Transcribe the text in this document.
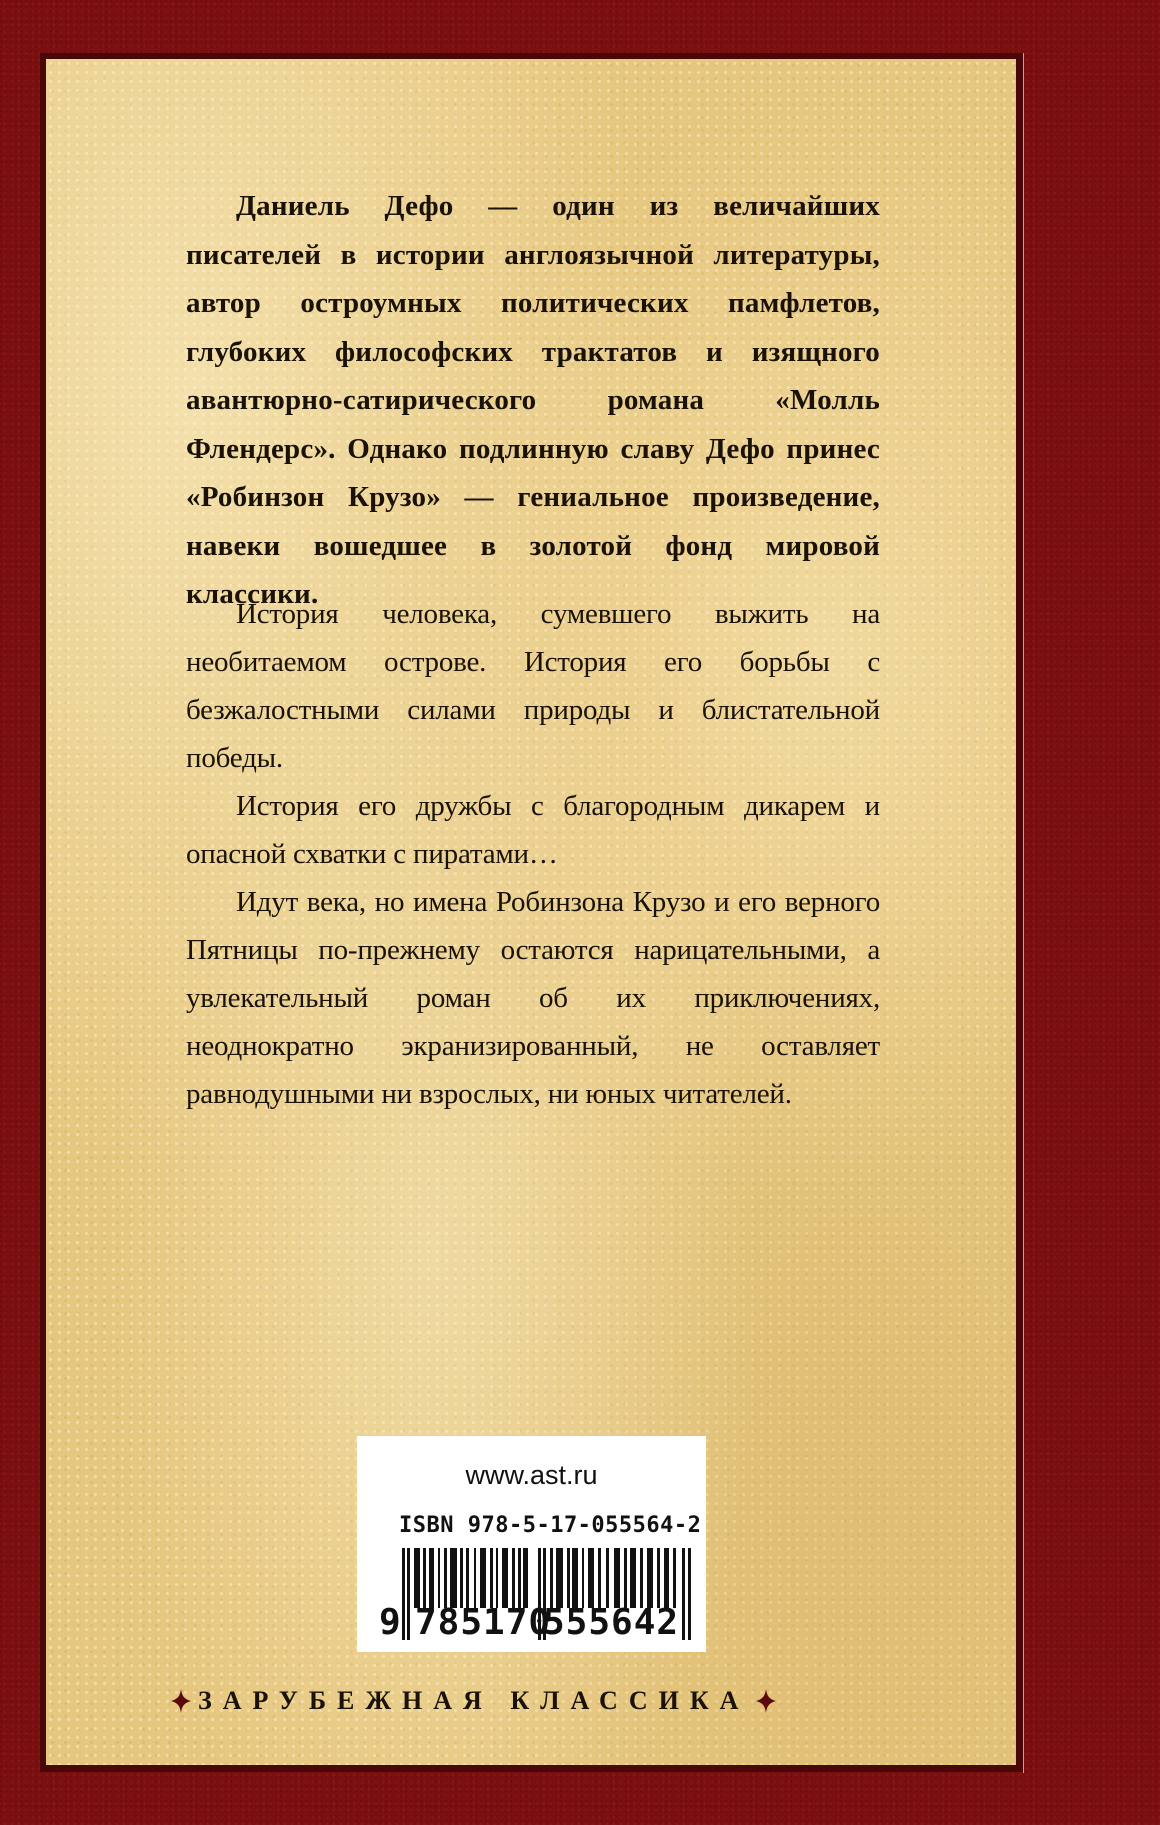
Даниель Дефо — один из величайших писателей в истории англоязычной литературы, автор остроумных политических памфлетов, глубоких философских трактатов и изящного авантюрно-сатирического романа «Молль Флендерс». Однако подлинную славу Дефо принес «Робинзон Крузо» — гениальное произведение, навеки вошедшее в золотой фонд мировой классики.

История человека, сумевшего выжить на необитаемом острове. История его борьбы с безжалостными силами природы и блистательной победы.

История его дружбы с благородным дикарем и опасной схватки с пиратами…

Идут века, но имена Робинзона Крузо и его верного Пятницы по-прежнему остаются нарицательными, а увлекательный роман об их приключениях, неоднократно экранизированный, не оставляет равнодушными ни взрослых, ни юных читателей.

www.ast.ru
ISBN 978-5-17-055564-2
9 785170
555642
ЗАРУБЕЖНАЯ КЛАССИКА
